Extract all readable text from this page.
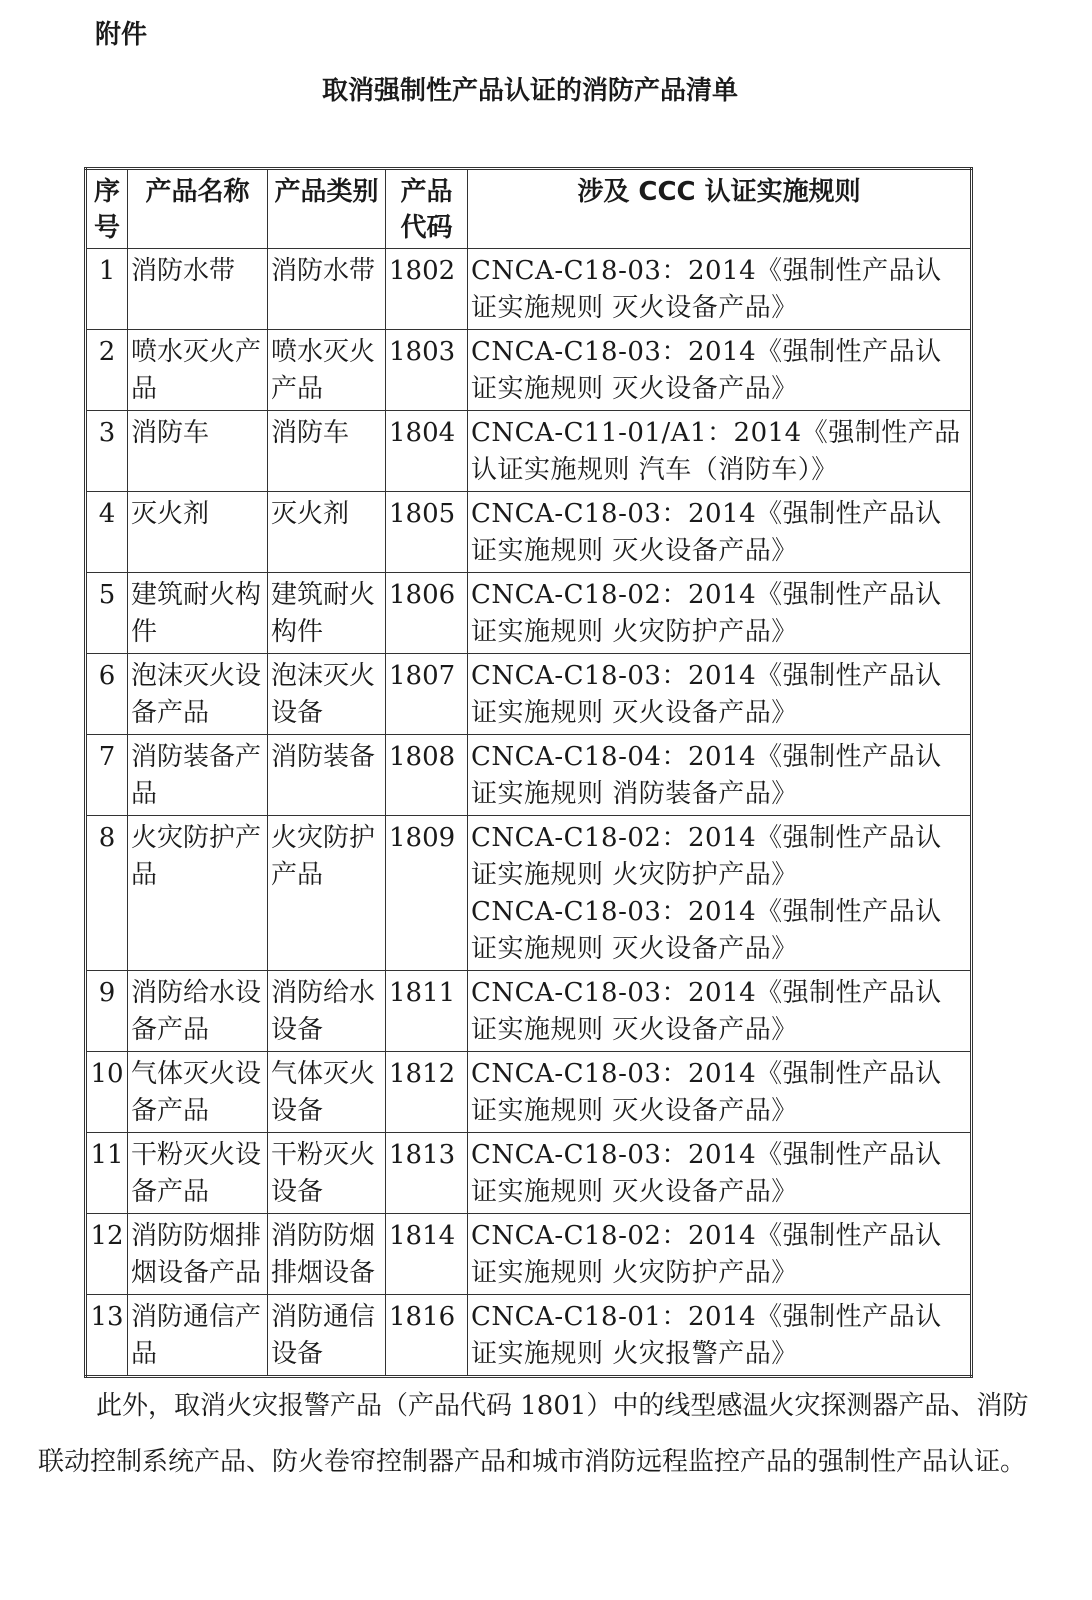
附件
取消强制性产品认证的消防产品清单
序号	产品名称	产品类别	产品代码	涉及 CCC 认证实施规则
1	消防水带	消防水带	1802	CNCA-C18-03：2014《强制性产品认证实施规则 灭火设备产品》

2	喷水灭火产品	喷水灭火产品	1803	CNCA-C18-03：2014《强制性产品认证实施规则 灭火设备产品》

3	消防车	消防车	1804	CNCA-C11-01/A1：2014《强制性产品认证实施规则 汽车（消防车）》

4	灭火剂	灭火剂	1805	CNCA-C18-03：2014《强制性产品认证实施规则 灭火设备产品》

5	建筑耐火构件	建筑耐火构件	1806	CNCA-C18-02：2014《强制性产品认证实施规则 火灾防护产品》

6	泡沫灭火设备产品	泡沫灭火设备	1807	CNCA-C18-03：2014《强制性产品认证实施规则 灭火设备产品》

7	消防装备产品	消防装备	1808	CNCA-C18-04：2014《强制性产品认证实施规则 消防装备产品》

8	火灾防护产品	火灾防护产品	1809	CNCA-C18-02：2014《强制性产品认证实施规则 火灾防护产品》
CNCA-C18-03：2014《强制性产品认证实施规则 灭火设备产品》

9	消防给水设备产品	消防给水设备	1811	CNCA-C18-03：2014《强制性产品认证实施规则 灭火设备产品》

10	气体灭火设备产品	气体灭火设备	1812	CNCA-C18-03：2014《强制性产品认证实施规则 灭火设备产品》

11	干粉灭火设备产品	干粉灭火设备	1813	CNCA-C18-03：2014《强制性产品认证实施规则 灭火设备产品》

12	消防防烟排烟设备产品	消防防烟排烟设备	1814	CNCA-C18-02：2014《强制性产品认证实施规则 火灾防护产品》

13	消防通信产品	消防通信设备	1816	CNCA-C18-01：2014《强制性产品认证实施规则 火灾报警产品》

此外，取消火灾报警产品（产品代码 1801）中的线型感温火灾探测器产品、消防联动控制系统产品、防火卷帘控制器产品和城市消防远程监控产品的强制性产品认证。
